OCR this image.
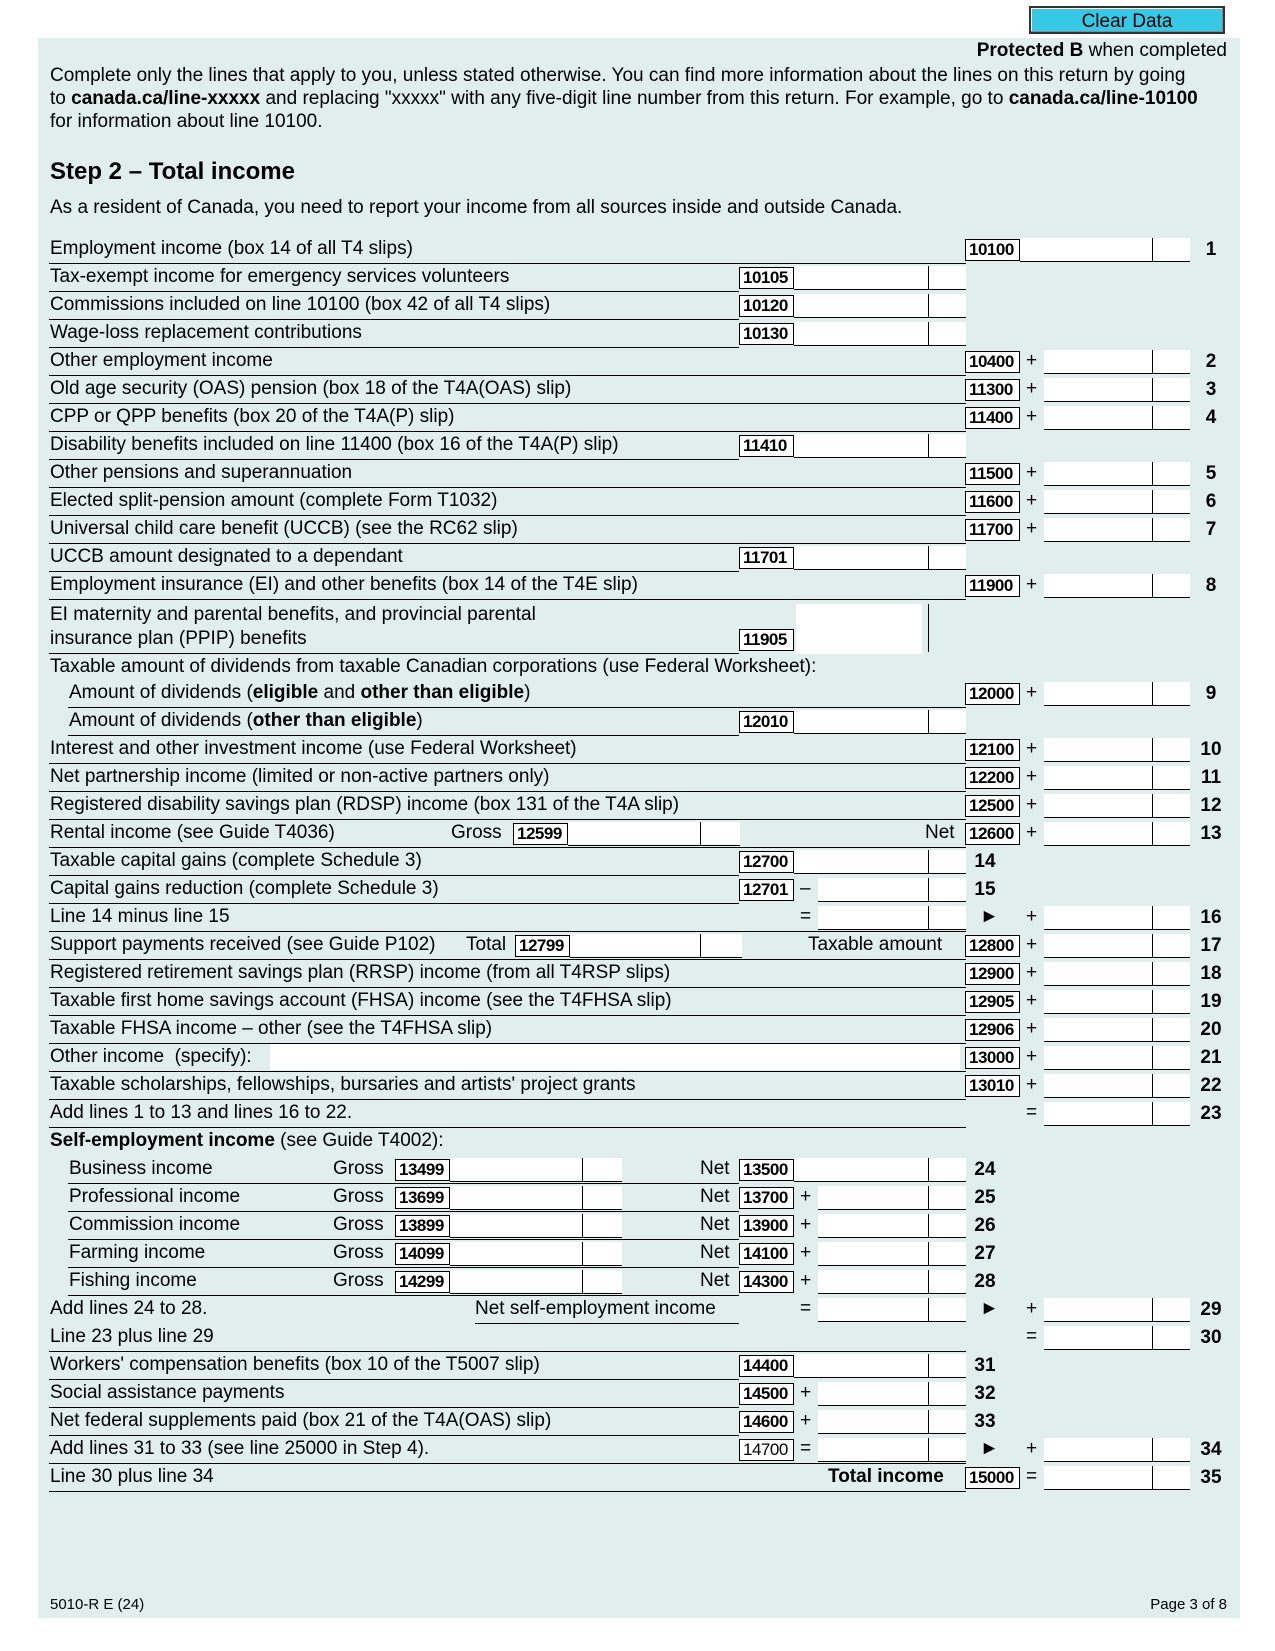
Clear Data
Protected B when completed
Complete only the lines that apply to you, unless stated otherwise. You can find more information about the lines on this return by going to canada.ca/line-xxxxx and replacing "xxxxx" with any five-digit line number from this return. For example, go to canada.ca/line-10100 for information about line 10100.
Step 2 – Total income
As a resident of Canada, you need to report your income from all sources inside and outside Canada.
Employment income (box 14 of all T4 slips)	10100	1
Tax-exempt income for emergency services volunteers	10105
Commissions included on line 10100 (box 42 of all T4 slips)	10120
Wage-loss replacement contributions	10130
Other employment income	10400 +	2
Old age security (OAS) pension (box 18 of the T4A(OAS) slip)	11300 +	3
CPP or QPP benefits (box 20 of the T4A(P) slip)	11400 +	4
Disability benefits included on line 11400 (box 16 of the T4A(P) slip)	11410
Other pensions and superannuation	11500 +	5
Elected split-pension amount (complete Form T1032)	11600 +	6
Universal child care benefit (UCCB) (see the RC62 slip)	11700 +	7
UCCB amount designated to a dependant	11701
Employment insurance (EI) and other benefits (box 14 of the T4E slip)	11900 +	8
EI maternity and parental benefits, and provincial parental
insurance plan (PPIP) benefits	11905
Taxable amount of dividends from taxable Canadian corporations (use Federal Worksheet):
Amount of dividends (eligible and other than eligible)	12000 +	9
Amount of dividends (other than eligible)	12010
Interest and other investment income (use Federal Worksheet)	12100 +	10
Net partnership income (limited or non-active partners only)	12200 +	11
Registered disability savings plan (RDSP) income (box 131 of the T4A slip)	12500 +	12
Rental income (see Guide T4036)	Gross 12599	Net 12600 +	13
Taxable capital gains (complete Schedule 3)	12700	14
Capital gains reduction (complete Schedule 3)	12701 –	15
Line 14 minus line 15	=	► +	16
Support payments received (see Guide P102) Total 12799	Taxable amount 12800 +	17
Registered retirement savings plan (RRSP) income (from all T4RSP slips)	12900 +	18
Taxable first home savings account (FHSA) income (see the T4FHSA slip)	12905 +	19
Taxable FHSA income – other (see the T4FHSA slip)	12906 +	20
Other income (specify):	13000 +	21
Taxable scholarships, fellowships, bursaries and artists' project grants	13010 +	22
Add lines 1 to 13 and lines 16 to 22.	=	23
Self-employment income (see Guide T4002):
Business income	Gross 13499	Net 13500	24
Professional income	Gross 13699	Net 13700 +	25
Commission income	Gross 13899	Net 13900 +	26
Farming income	Gross 14099	Net 14100 +	27
Fishing income	Gross 14299	Net 14300 +	28
Add lines 24 to 28.	Net self-employment income	=	► +	29
Line 23 plus line 29	=	30
Workers' compensation benefits (box 10 of the T5007 slip)	14400	31
Social assistance payments	14500 +	32
Net federal supplements paid (box 21 of the T4A(OAS) slip)	14600 +	33
Add lines 31 to 33 (see line 25000 in Step 4).	14700 =	► +	34
Line 30 plus line 34	Total income 15000 =	35
5010-R E (24)	Page 3 of 8
